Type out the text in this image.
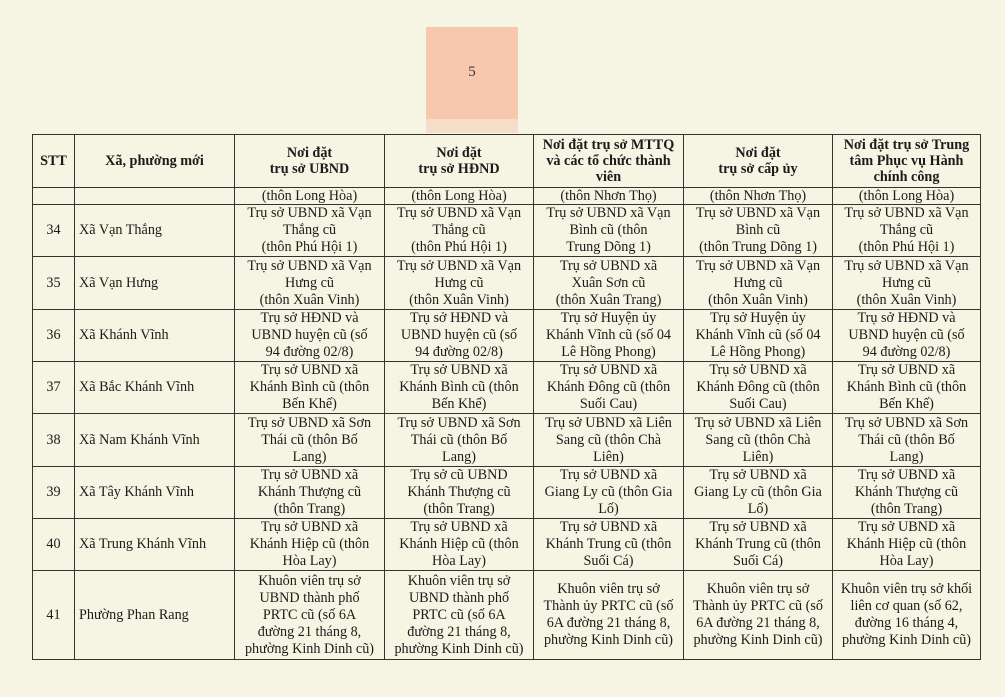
5
STT	Xã, phường mới	Nơi đặt
trụ sở UBND	Nơi đặt
trụ sở HĐND	Nơi đặt trụ sở MTTQ
và các tổ chức thành
viên	Nơi đặt
trụ sở cấp ủy	Nơi đặt trụ sở Trung
tâm Phục vụ Hành
chính công
		(thôn Long Hòa)	(thôn Long Hòa)	(thôn Nhơn Thọ)	(thôn Nhơn Thọ)	(thôn Long Hòa)
34	Xã Vạn Thắng	Trụ sở UBND xã Vạn
Thắng cũ
(thôn Phú Hội 1)	Trụ sở UBND xã Vạn
Thắng cũ
(thôn Phú Hội 1)	Trụ sở UBND xã Vạn
Bình cũ (thôn
Trung Dõng 1)	Trụ sở UBND xã Vạn
Bình cũ
(thôn Trung Dõng 1)	Trụ sở UBND xã Vạn
Thắng cũ
(thôn Phú Hội 1)
35	Xã Vạn Hưng	Trụ sở UBND xã Vạn
Hưng cũ
(thôn Xuân Vinh)	Trụ sở UBND xã Vạn
Hưng cũ
(thôn Xuân Vinh)	Trụ sở UBND xã
Xuân Sơn cũ
(thôn Xuân Trang)	Trụ sở UBND xã Vạn
Hưng cũ
(thôn Xuân Vinh)	Trụ sở UBND xã Vạn
Hưng cũ
(thôn Xuân Vinh)
36	Xã Khánh Vĩnh	Trụ sở HĐND và
UBND huyện cũ (số
94 đường 02/8)	Trụ sở HĐND và
UBND huyện cũ (số
94 đường 02/8)	Trụ sở Huyện ủy
Khánh Vĩnh cũ (số 04
Lê Hồng Phong)	Trụ sở Huyện ủy
Khánh Vĩnh cũ (số 04
Lê Hồng Phong)	Trụ sở HĐND và
UBND huyện cũ (số
94 đường 02/8)
37	Xã Bắc Khánh Vĩnh	Trụ sở UBND xã
Khánh Bình cũ (thôn
Bến Khế)	Trụ sở UBND xã
Khánh Bình cũ (thôn
Bến Khế)	Trụ sở UBND xã
Khánh Đông cũ (thôn
Suối Cau)	Trụ sở UBND xã
Khánh Đông cũ (thôn
Suối Cau)	Trụ sở UBND xã
Khánh Bình cũ (thôn
Bến Khế)
38	Xã Nam Khánh Vĩnh	Trụ sở UBND xã Sơn
Thái cũ (thôn Bố
Lang)	Trụ sở UBND xã Sơn
Thái cũ (thôn Bố
Lang)	Trụ sở UBND xã Liên
Sang cũ (thôn Chà
Liên)	Trụ sở UBND xã Liên
Sang cũ (thôn Chà
Liên)	Trụ sở UBND xã Sơn
Thái cũ (thôn Bố
Lang)
39	Xã Tây Khánh Vĩnh	Trụ sở UBND xã
Khánh Thượng cũ
(thôn Trang)	Trụ sở cũ UBND
Khánh Thượng cũ
(thôn Trang)	Trụ sở UBND xã
Giang Ly cũ (thôn Gia
Lố)	Trụ sở UBND xã
Giang Ly cũ (thôn Gia
Lố)	Trụ sở UBND xã
Khánh Thượng cũ
(thôn Trang)
40	Xã Trung Khánh Vĩnh	Trụ sở UBND xã
Khánh Hiệp cũ (thôn
Hòa Lay)	Trụ sở UBND xã
Khánh Hiệp cũ (thôn
Hòa Lay)	Trụ sở UBND xã
Khánh Trung cũ (thôn
Suối Cá)	Trụ sở UBND xã
Khánh Trung cũ (thôn
Suối Cá)	Trụ sở UBND xã
Khánh Hiệp cũ (thôn
Hòa Lay)
41	Phường Phan Rang	Khuôn viên trụ sở
UBND thành phố
PRTC cũ (số 6A
đường 21 tháng 8,
phường Kinh Dinh cũ)	Khuôn viên trụ sở
UBND thành phố
PRTC cũ (số 6A
đường 21 tháng 8,
phường Kinh Dinh cũ)	Khuôn viên trụ sở
Thành ủy PRTC cũ (số
6A đường 21 tháng 8,
phường Kinh Dinh cũ)	Khuôn viên trụ sở
Thành ủy PRTC cũ (số
6A đường 21 tháng 8,
phường Kinh Dinh cũ)	Khuôn viên trụ sở khối
liên cơ quan (số 62,
đường 16 tháng 4,
phường Kinh Dinh cũ)
